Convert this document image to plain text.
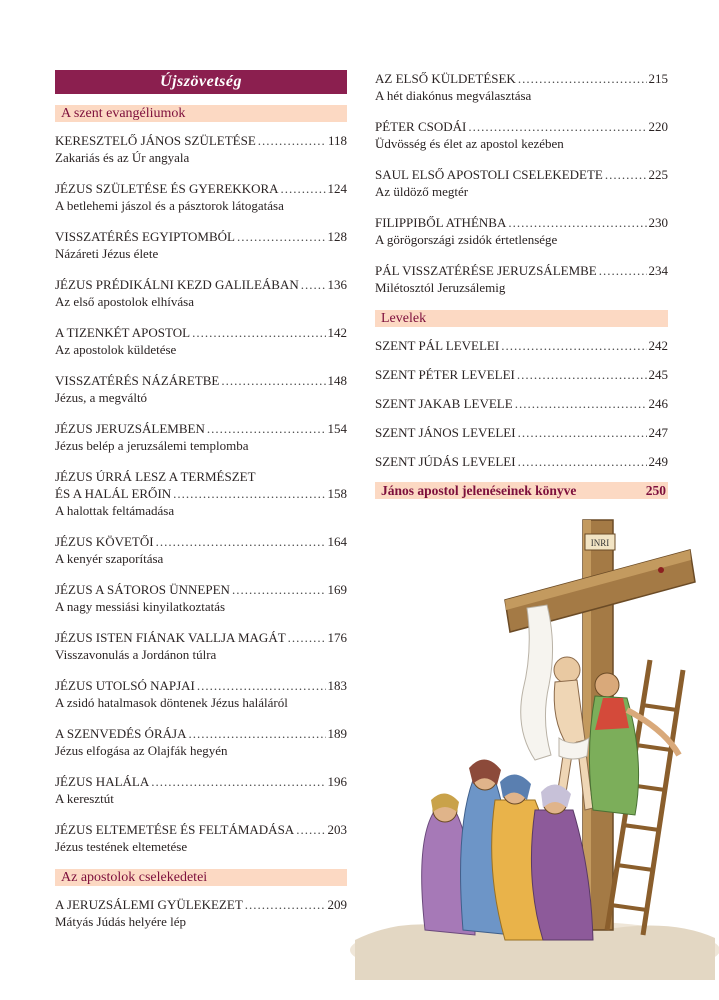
Újszövetség
A szent evangéliumok
KERESZTELŐ JÁNOS SZÜLETÉSE .....	118
Zakariás és az Úr angyala
JÉZUS SZÜLETÉSE ÉS GYEREKKORA .....	124
A betlehemi jászol és a pásztorok látogatása
VISSZATÉRÉS EGYIPTOMBÓL .....	128
Názáreti Jézus élete
JÉZUS PRÉDIKÁLNI KEZD GALILEÁBAN ..... 136
Az első apostolok elhívása
A TIZENKÉT APOSTOL .....	142
Az apostolok küldetése
VISSZATÉRÉS NÁZÁRETBE .....	148
Jézus, a megváltó
JÉZUS JERUZSÁLEMBEN .....	154
Jézus belép a jeruzsálemi templomba
JÉZUS ÚRRÁ LESZ A TERMÉSZET
ÉS A HALÁL ERŐIN .....	158
A halottak feltámadása
JÉZUS KÖVETŐI .....	164
A kenyér szaporítása
JÉZUS A SÁTOROS ÜNNEPEN .....	169
A nagy messiási kinyilatkoztatás
JÉZUS ISTEN FIÁNAK VALLJA MAGÁT .....	176
Visszavonulás a Jordánon túlra
JÉZUS UTOLSÓ NAPJAI .....	183
A zsidó hatalmasok döntenek Jézus haláláról
A SZENVEDÉS ÓRÁJA .....	189
Jézus elfogása az Olajfák hegyén
JÉZUS HALÁLA .....	196
A keresztút
JÉZUS ELTEMETÉSE ÉS FELTÁMADÁSA .....	203
Jézus testének eltemetése
Az apostolok cselekedetei
A JERUZSÁLEMI GYÜLEKEZET .....	209
Mátyás Júdás helyére lép
AZ ELSŐ KÜLDETÉSEK .....	215
A hét diakónus megválasztása
PÉTER CSODÁI .....	220
Üdvösség és élet az apostol kezében
SAUL ELSŐ APOSTOLI CSELEKEDETE .....	225
Az üldöző megtér
FILIPPIBŐL ATHÉNBA .....	230
A görögországi zsidók értetlensége
PÁL VISSZATÉRÉSE JERUZSÁLEMBE .....	234
Milétosztól Jeruzsálemig
Levelek
SZENT PÁL LEVELEI .....	242
SZENT PÉTER LEVELEI .....	245
SZENT JAKAB LEVELE .....	246
SZENT JÁNOS LEVELEI .....	247
SZENT JÚDÁS LEVELEI .....	249
János apostol jelenéseinek könyve	250
INRI
